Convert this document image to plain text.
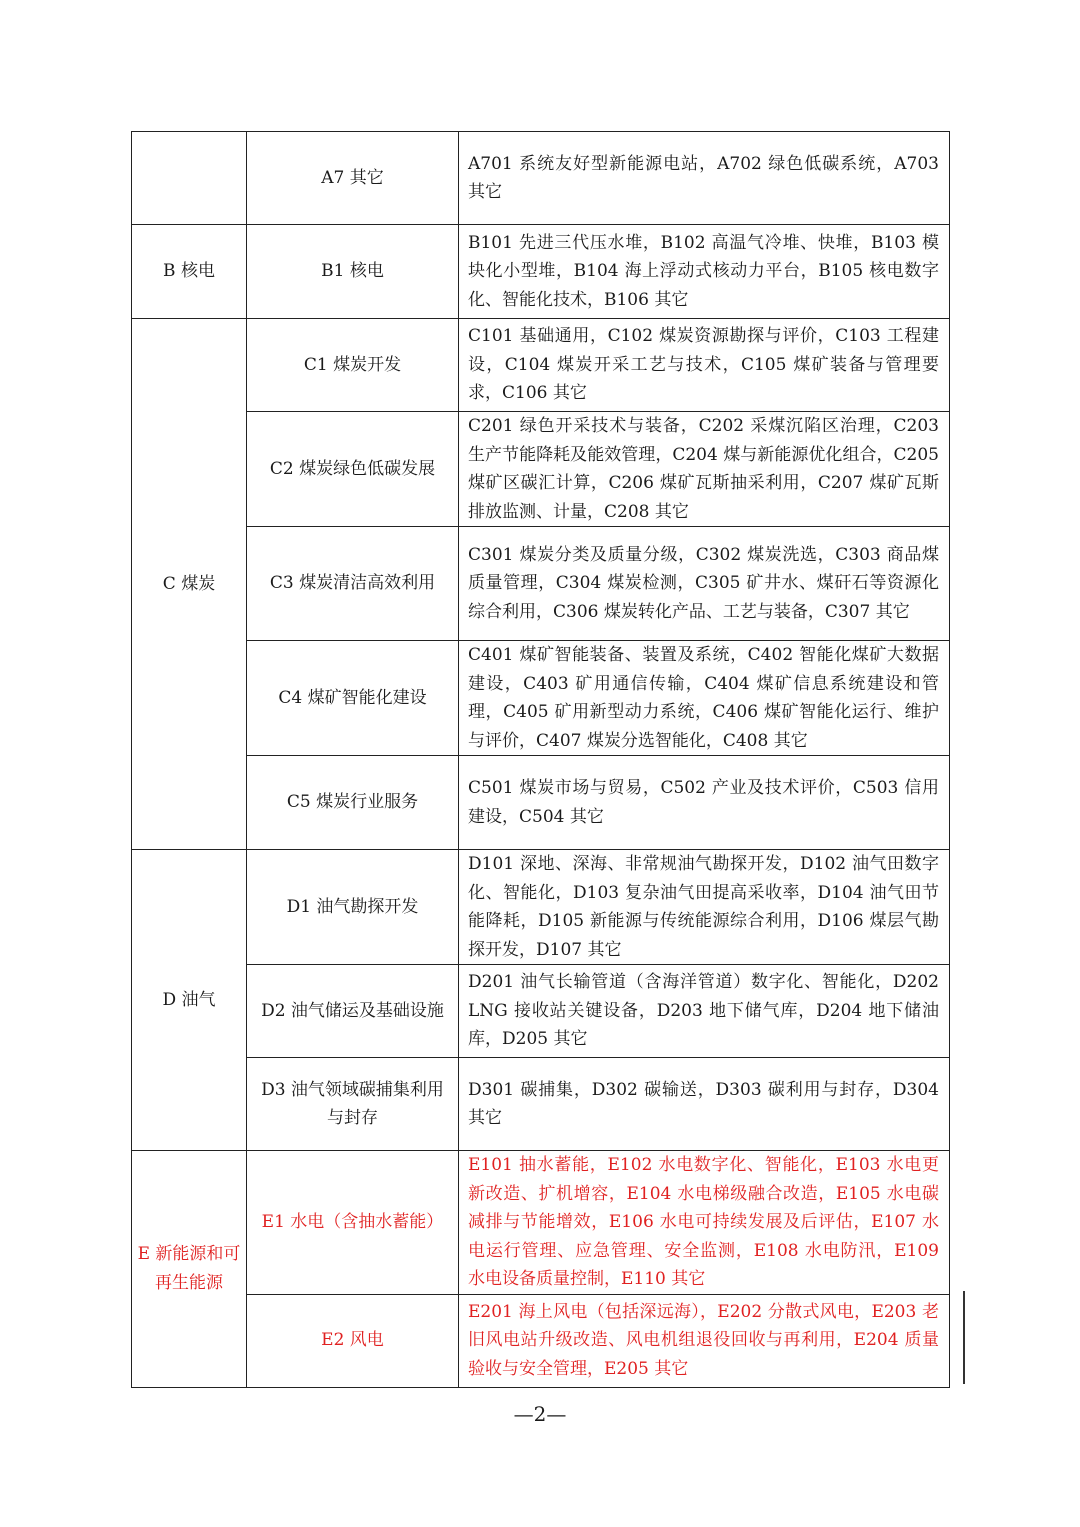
	A7 其它	A701 系统友好型新能源电站，A702 绿色低碳系统，A703 其它
B 核电	B1 核电	B101 先进三代压水堆，B102 高温气冷堆、快堆，B103 模块化小型堆，B104 海上浮动式核动力平台，B105 核电数字化、智能化技术，B106 其它
C 煤炭	C1 煤炭开发	C101 基础通用，C102 煤炭资源勘探与评价，C103 工程建设，C104 煤炭开采工艺与技术，C105 煤矿装备与管理要求，C106 其它
	C2 煤炭绿色低碳发展	C201 绿色开采技术与装备，C202 采煤沉陷区治理，C203 生产节能降耗及能效管理，C204 煤与新能源优化组合，C205 煤矿区碳汇计算，C206 煤矿瓦斯抽采利用，C207 煤矿瓦斯排放监测、计量，C208 其它
	C3 煤炭清洁高效利用	C301 煤炭分类及质量分级，C302 煤炭洗选，C303 商品煤质量管理，C304 煤炭检测，C305 矿井水、煤矸石等资源化综合利用，C306 煤炭转化产品、工艺与装备，C307 其它
	C4 煤矿智能化建设	C401 煤矿智能装备、装置及系统，C402 智能化煤矿大数据建设，C403 矿用通信传输，C404 煤矿信息系统建设和管理，C405 矿用新型动力系统，C406 煤矿智能化运行、维护与评价，C407 煤炭分选智能化，C408 其它
	C5 煤炭行业服务	C501 煤炭市场与贸易，C502 产业及技术评价，C503 信用建设，C504 其它
D 油气	D1 油气勘探开发	D101 深地、深海、非常规油气勘探开发，D102 油气田数字化、智能化，D103 复杂油气田提高采收率，D104 油气田节能降耗，D105 新能源与传统能源综合利用，D106 煤层气勘探开发，D107 其它
	D2 油气储运及基础设施	D201 油气长输管道（含海洋管道）数字化、智能化，D202 LNG 接收站关键设备，D203 地下储气库，D204 地下储油库，D205 其它
	D3 油气领域碳捕集利用与封存	D301 碳捕集，D302 碳输送，D303 碳利用与封存，D304 其它
E 新能源和可再生能源	E1 水电（含抽水蓄能）	E101 抽水蓄能，E102 水电数字化、智能化，E103 水电更新改造、扩机增容，E104 水电梯级融合改造，E105 水电碳减排与节能增效，E106 水电可持续发展及后评估，E107 水电运行管理、应急管理、安全监测，E108 水电防汛，E109 水电设备质量控制，E110 其它
	E2 风电	E201 海上风电（包括深远海），E202 分散式风电，E203 老旧风电站升级改造、风电机组退役回收与再利用，E204 质量验收与安全管理，E205 其它
—2—
